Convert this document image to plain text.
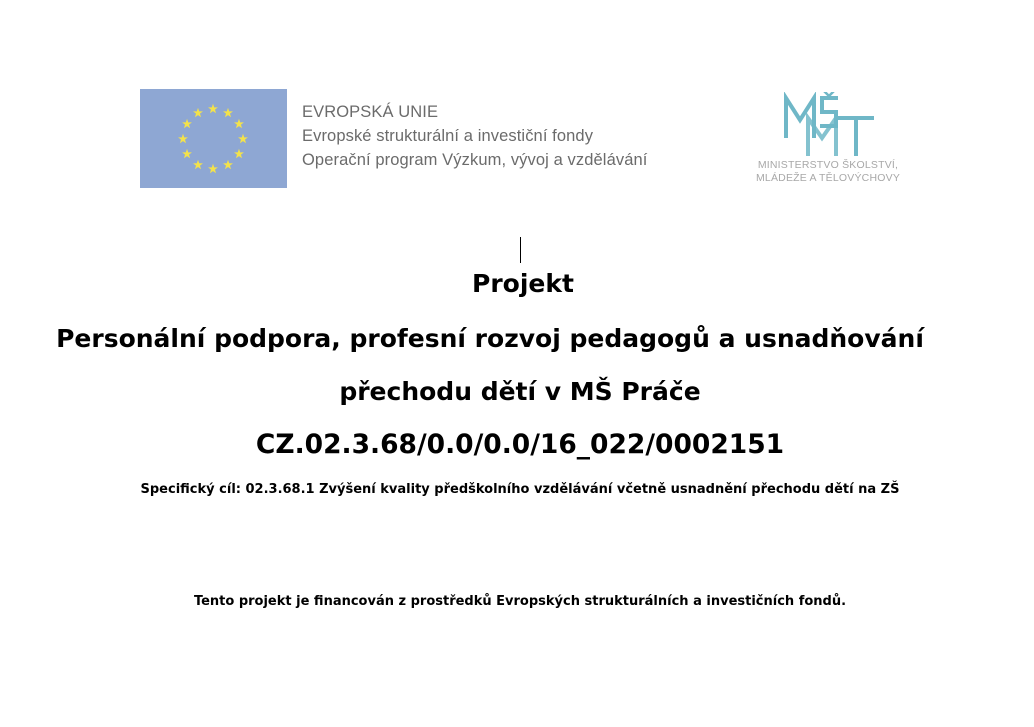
EVROPSKÁ UNIE
Evropské strukturální a investiční fondy
Operační program Výzkum, vývoj a vzdělávání	MINISTERSTVO ŠKOLSTVÍ,
MLÁDEŽE A TĚLOVÝCHOVY
Projekt
Personální podpora, profesní rozvoj pedagogů a usnadňování
přechodu dětí v MŠ Práče
CZ.02.3.68/0.0/0.0/16_022/0002151
Specifický cíl: 02.3.68.1 Zvýšení kvality předškolního vzdělávání včetně usnadnění přechodu dětí na ZŠ
Tento projekt je financován z prostředků Evropských strukturálních a investičních fondů.
